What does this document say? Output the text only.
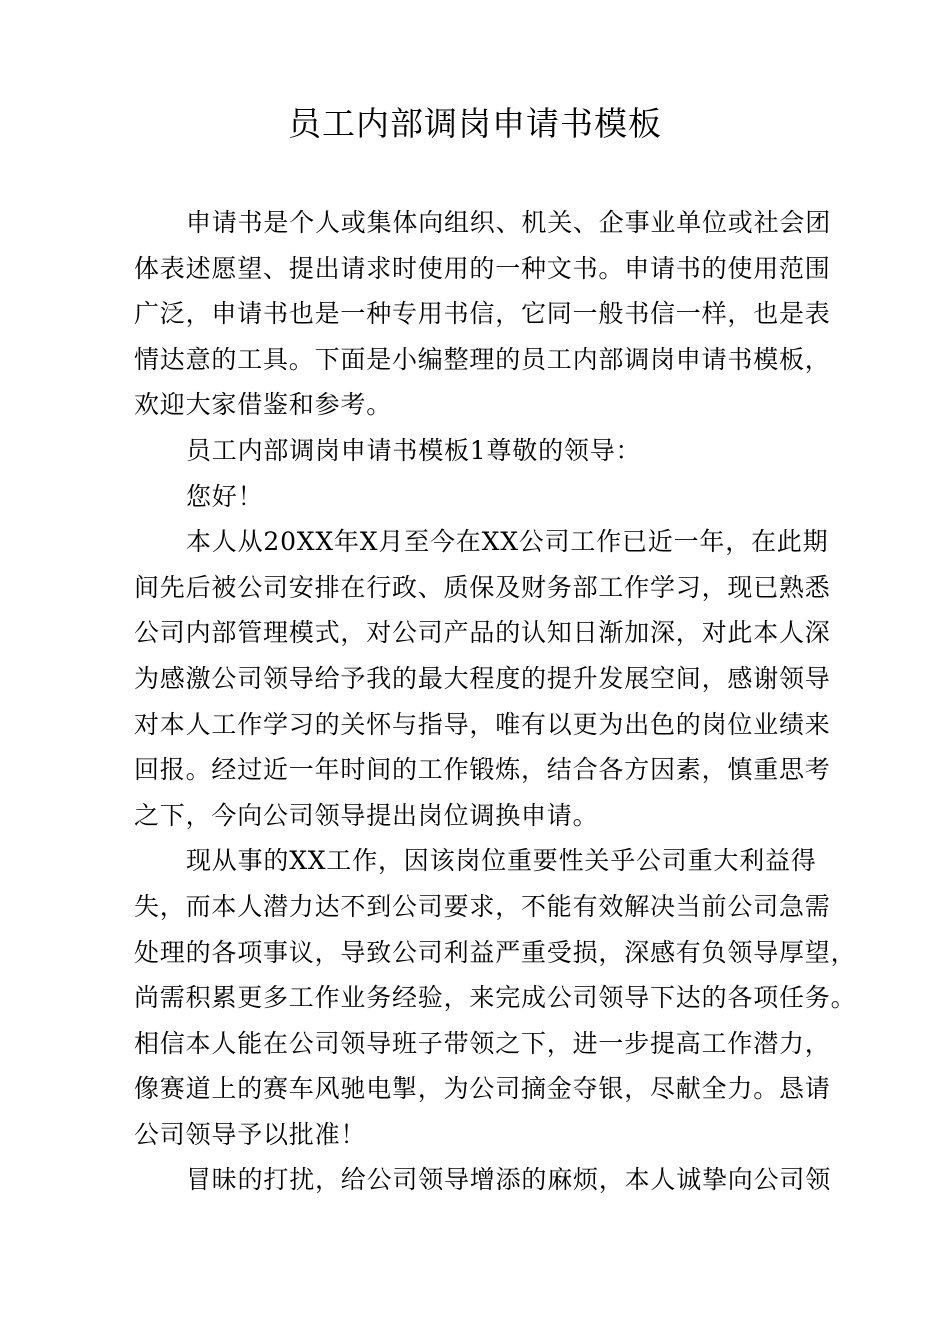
员工内部调岗申请书模板
申请书是个人或集体向组织、机关、企事业单位或社会团
体表述愿望、提出请求时使用的一种文书。申请书的使用范围
广泛，申请书也是一种专用书信，它同一般书信一样，也是表
情达意的工具。下面是小编整理的员工内部调岗申请书模板，
欢迎大家借鉴和参考。
员工内部调岗申请书模板1尊敬的领导：
您好！
本人从20XX年X月至今在XX公司工作已近一年，在此期
间先后被公司安排在行政、质保及财务部工作学习，现已熟悉
公司内部管理模式，对公司产品的认知日渐加深，对此本人深
为感激公司领导给予我的最大程度的提升发展空间，感谢领导
对本人工作学习的关怀与指导，唯有以更为出色的岗位业绩来
回报。经过近一年时间的工作锻炼，结合各方因素，慎重思考
之下，今向公司领导提出岗位调换申请。
现从事的XX工作，因该岗位重要性关乎公司重大利益得
失，而本人潜力达不到公司要求，不能有效解决当前公司急需
处理的各项事议，导致公司利益严重受损，深感有负领导厚望，
尚需积累更多工作业务经验，来完成公司领导下达的各项任务。
相信本人能在公司领导班子带领之下，进一步提高工作潜力，
像赛道上的赛车风驰电掣，为公司摘金夺银，尽献全力。恳请
公司领导予以批准！
冒昧的打扰，给公司领导增添的麻烦，本人诚挚向公司领
